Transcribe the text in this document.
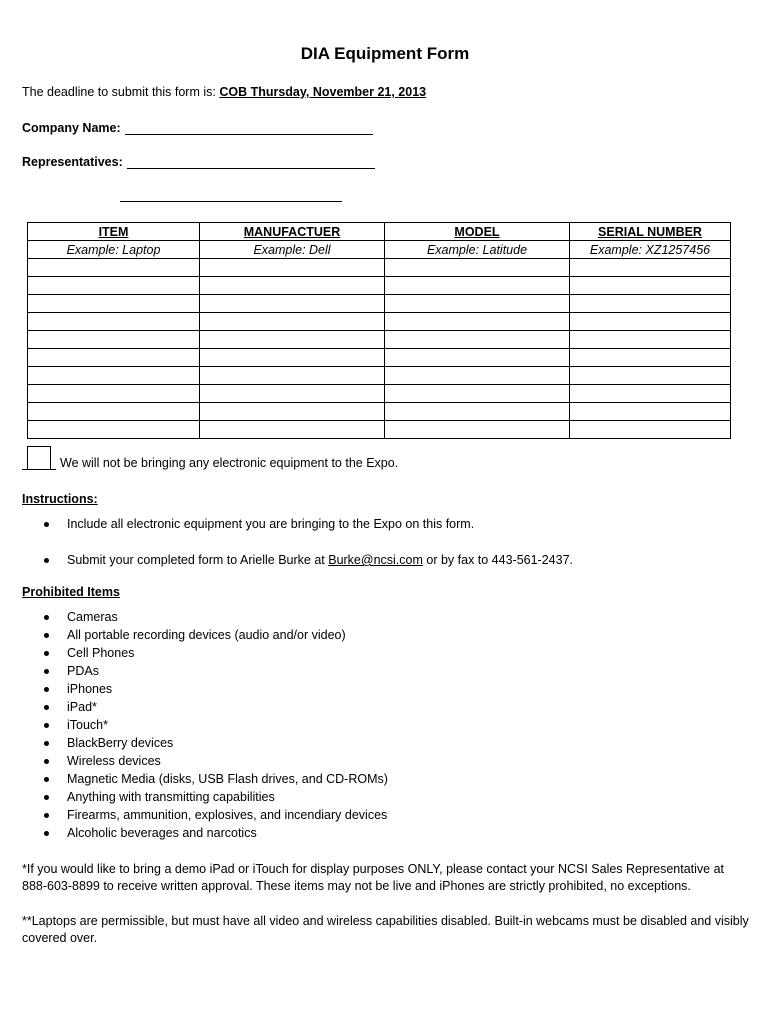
DIA Equipment Form
The deadline to submit this form is: COB Thursday, November 21, 2013
Company Name:
Representatives:
ITEM	MANUFACTUER	MODEL	SERIAL NUMBER
Example: Laptop	Example: Dell	Example: Latitude	Example: XZ1257456

We will not be bringing any electronic equipment to the Expo.
Instructions:
Include all electronic equipment you are bringing to the Expo on this form.
Submit your completed form to Arielle Burke at Burke@ncsi.com or by fax to 443-561-2437.
Prohibited Items
Cameras
All portable recording devices (audio and/or video)
Cell Phones
PDAs
iPhones
iPad*
iTouch*
BlackBerry devices
Wireless devices
Magnetic Media (disks, USB Flash drives, and CD-ROMs)
Anything with transmitting capabilities
Firearms, ammunition, explosives, and incendiary devices
Alcoholic beverages and narcotics
*If you would like to bring a demo iPad or iTouch for display purposes ONLY, please contact your NCSI Sales Representative at 888-603-8899 to receive written approval. These items may not be live and iPhones are strictly prohibited, no exceptions.
**Laptops are permissible, but must have all video and wireless capabilities disabled. Built-in webcams must be disabled and visibly covered over.
